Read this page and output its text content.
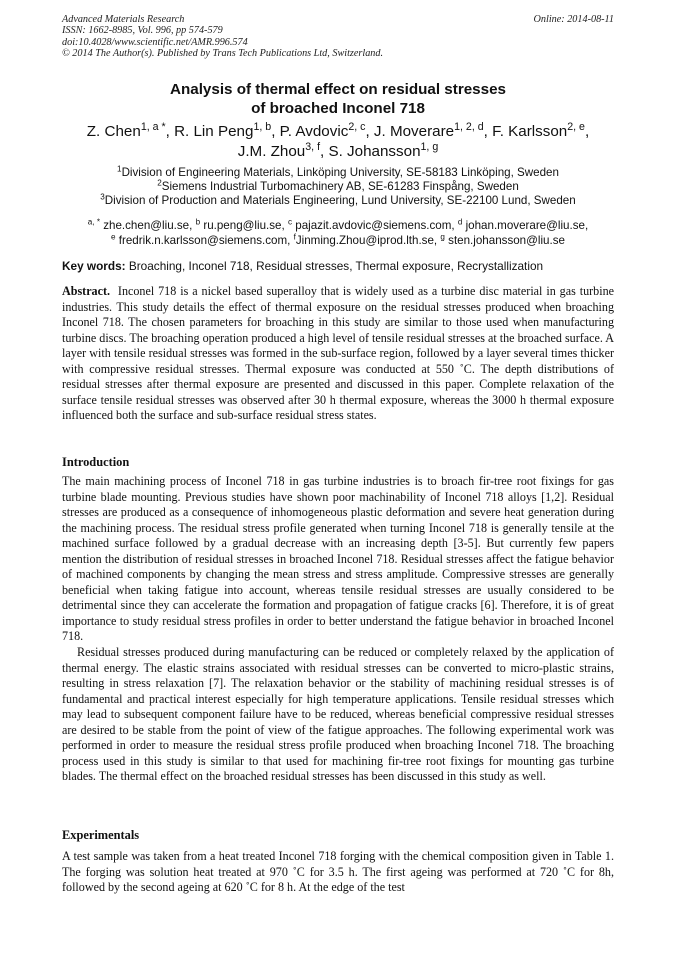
Advanced Materials Research
ISSN: 1662-8985, Vol. 996, pp 574-579
doi:10.4028/www.scientific.net/AMR.996.574
© 2014 The Author(s). Published by Trans Tech Publications Ltd, Switzerland.
Online: 2014-08-11
Analysis of thermal effect on residual stresses
of broached Inconel 718
Z. Chen$^{1, a *}$, R. Lin Peng$^{1, b}$, P. Avdovic$^{2, c}$, J. Moverare$^{1, 2, d}$, F. Karlsson$^{2, e}$,
J.M. Zhou$^{3, f}$, S. Johansson$^{1, g}$
$^1$Division of Engineering Materials, Linköping University, SE-58183 Linköping, Sweden
$^2$Siemens Industrial Turbomachinery AB, SE-61283 Finspång, Sweden
$^3$Division of Production and Materials Engineering, Lund University, SE-22100 Lund, Sweden
$^{a, *}$ zhe.chen@liu.se, $^b$ ru.peng@liu.se, $^c$ pajazit.avdovic@siemens.com, $^d$ johan.moverare@liu.se,
$^e$ fredrik.n.karlsson@siemens.com, $^f$Jinming.Zhou@iprod.lth.se, $^g$ sten.johansson@liu.se
Key words: Broaching, Inconel 718, Residual stresses, Thermal exposure, Recrystallization
Abstract. Inconel 718 is a nickel based superalloy that is widely used as a turbine disc material in gas turbine industries. This study details the effect of thermal exposure on the residual stresses produced when broaching Inconel 718. The chosen parameters for broaching in this study are similar to those used when manufacturing turbine discs. The broaching operation produced a high level of tensile residual stresses at the broached surface. A layer with tensile residual stresses was formed in the sub-surface region, followed by a layer several times thicker with compressive residual stresses. Thermal exposure was conducted at 550 ˚C. The depth distributions of residual stresses after thermal exposure are presented and discussed in this paper. Complete relaxation of the surface tensile residual stresses was observed after 30 h thermal exposure, whereas the 3000 h thermal exposure influenced both the surface and sub-surface residual stress states.
Introduction

The main machining process of Inconel 718 in gas turbine industries is to broach fir-tree root fixings for gas turbine blade mounting. Previous studies have shown poor machinability of Inconel 718 alloys [1,2]. Residual stresses are produced as a consequence of inhomogeneous plastic deformation and severe heat generation during the machining process. The residual stress profile generated when turning Inconel 718 is generally tensile at the machined surface followed by a gradual decrease with an increasing depth [3-5]. But currently few papers mention the distribution of residual stresses in broached Inconel 718. Residual stresses affect the fatigue behavior of machined components by changing the mean stress and stress amplitude. Compressive stresses are generally beneficial when taking fatigue into account, whereas tensile residual stresses are usually considered to be detrimental since they can accelerate the formation and propagation of fatigue cracks [6]. Therefore, it is of great importance to study residual stress profiles in order to better understand the fatigue behavior in broached Inconel 718.

Residual stresses produced during manufacturing can be reduced or completely relaxed by the application of thermal energy. The elastic strains associated with residual stresses can be converted to micro-plastic strains, resulting in stress relaxation [7]. The relaxation behavior or the stability of machining residual stresses is of fundamental and practical interest especially for high temperature applications. Tensile residual stresses which may lead to subsequent component failure have to be reduced, whereas beneficial compressive residual stresses are desired to be stable from the point of view of the fatigue approaches. The following experimental work was performed in order to measure the residual stress profile produced when broaching Inconel 718. The broaching process used in this study is similar to that used for machining fir-tree root fixings for mounting gas turbine blades. The thermal effect on the broached residual stresses has been discussed in this study as well.

Experimentals

A test sample was taken from a heat treated Inconel 718 forging with the chemical composition given in Table 1. The forging was solution heat treated at 970 ˚C for 3.5 h. The first ageing was performed at 720 ˚C for 8h, followed by the second ageing at 620 ˚C for 8 h. At the edge of the test
